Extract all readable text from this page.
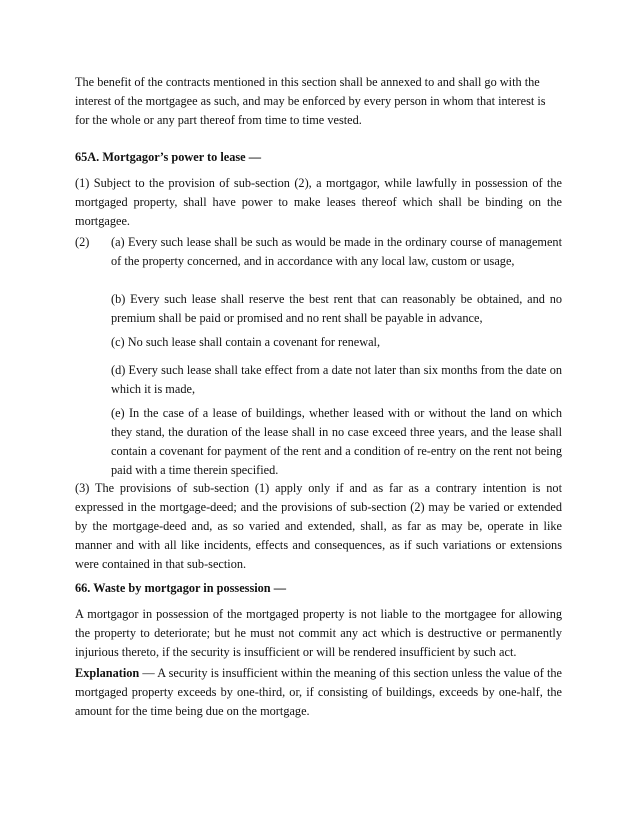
The benefit of the contracts mentioned in this section shall be annexed to and shall go with the interest of the mortgagee as such, and may be enforced by every person in whom that interest is for the whole or any part thereof from time to time vested.

65A. Mortgagor’s power to lease —

(1) Subject to the provision of sub-section (2), a mortgagor, while lawfully in possession of the mortgaged property, shall have power to make leases thereof which shall be binding on the mortgagee.

(2) (a) Every such lease shall be such as would be made in the ordinary course of management of the property concerned, and in accordance with any local law, custom or usage,

(b) Every such lease shall reserve the best rent that can reasonably be obtained, and no premium shall be paid or promised and no rent shall be payable in advance,

(c) No such lease shall contain a covenant for renewal,

(d) Every such lease shall take effect from a date not later than six months from the date on which it is made,

(e) In the case of a lease of buildings, whether leased with or without the land on which they stand, the duration of the lease shall in no case exceed three years, and the lease shall contain a covenant for payment of the rent and a condition of re-entry on the rent not being paid with a time therein specified.

(3) The provisions of sub-section (1) apply only if and as far as a contrary intention is not expressed in the mortgage-deed; and the provisions of sub-section (2) may be varied or extended by the mortgage-deed and, as so varied and extended, shall, as far as may be, operate in like manner and with all like incidents, effects and consequences, as if such variations or extensions were contained in that sub-section.

66. Waste by mortgagor in possession —

A mortgagor in possession of the mortgaged property is not liable to the mortgagee for allowing the property to deteriorate; but he must not commit any act which is destructive or permanently injurious thereto, if the security is insufficient or will be rendered insufficient by such act.

Explanation — A security is insufficient within the meaning of this section unless the value of the mortgaged property exceeds by one-third, or, if consisting of buildings, exceeds by one-half, the amount for the time being due on the mortgage.
